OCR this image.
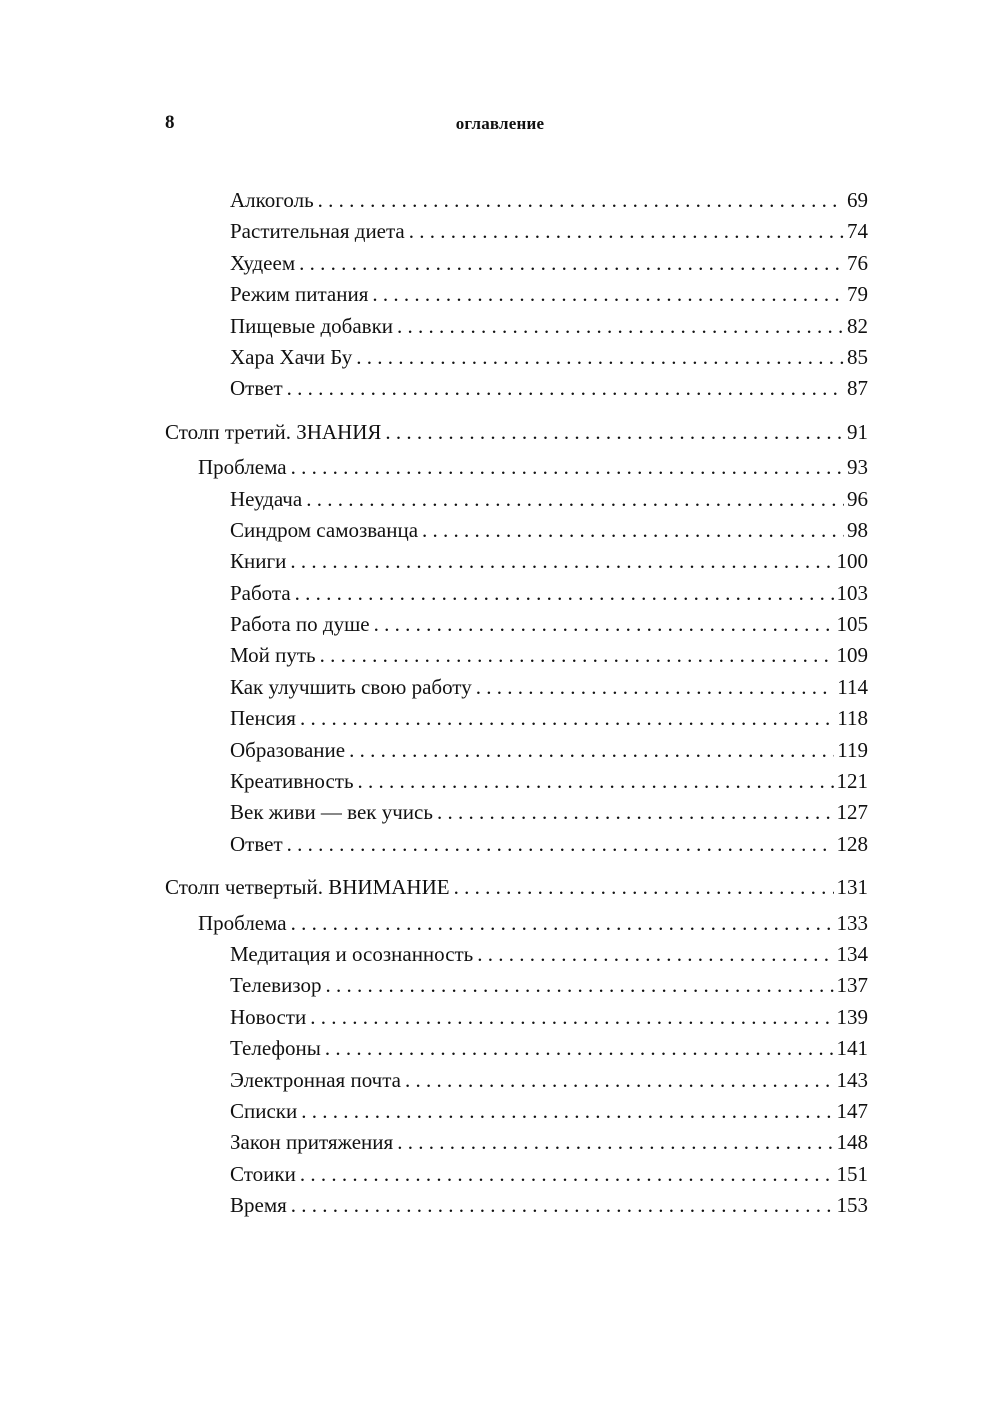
8	оглавление
Алкоголь . . .	69
Растительная диета . . .	74
Худеем . . .	76
Режим питания . . .	79
Пищевые добавки . . .	82
Хара Хачи Бу . . .	85
Ответ . . .	87
Столп третий. ЗНАНИЯ . . .	91
Проблема . . .	93
Неудача . . .	96
Синдром самозванца . . .	98
Книги . . .	100
Работа . . .	103
Работа по душе . . .	105
Мой путь . . .	109
Как улучшить свою работу . . .	114
Пенсия . . .	118
Образование . . .	119
Креативность . . .	121
Век живи — век учись . . .	127
Ответ . . .	128
Столп четвертый. ВНИМАНИЕ . . .	131
Проблема . . .	133
Медитация и осознанность . . .	134
Телевизор . . .	137
Новости . . .	139
Телефоны . . .	141
Электронная почта . . .	143
Списки . . .	147
Закон притяжения . . .	148
Стоики . . .	151
Время . . .	153
